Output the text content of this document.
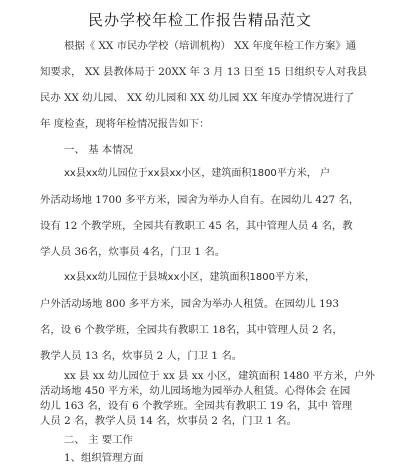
民办学校年检工作报告精品范文
根据《 XX 市民办学校（培训机构） XX 年度年检工作方案》通
知要求， XX 县教体局于 20XX 年 3 月 13 日至 15 日组织专人对我县
民办 XX 幼儿园、 XX 幼儿园和 XX 幼儿园 XX 年度办学情况进行了
年 度检查，现将年检情况报告如下：
一、 基 本情况
xx县xx幼儿园位于xx县xx小区，建筑面积1800平方米， 户
外活动场地 1700 多平方米，园舍为举办人自有。在园幼儿 427 名，
设有 12 个教学班，全园共有教职工 45 名，其中管理人员 4 名，教
学人员 36名，炊事员 4名，门卫 1 名。
xx县xx幼儿园位于县城xx小区，建筑面积1800平方米，
户外活动场地 800 多平方米，园舍为举办人租赁。在园幼儿 193
名，设 6 个教学班，全园共有教职工 18名，其中管理人员 2 名，
教学人员 13 名，炊事员 2 人，门卫 1 名。
xx 县 xx 幼儿园位于 xx 县 xx 小区，建筑面积 1480 平方米，户外
活动场地 450 平方米，幼儿园场地为园举办人租赁。心得体会 在园
幼儿 163 名，设有 6 个教学班。全园共有教职工 19 名，其中 管理
人员 2 名，教学人员 14 名，炊事员 2 名，门卫 1 名。
二、 主 要工作
1、组织管理方面
